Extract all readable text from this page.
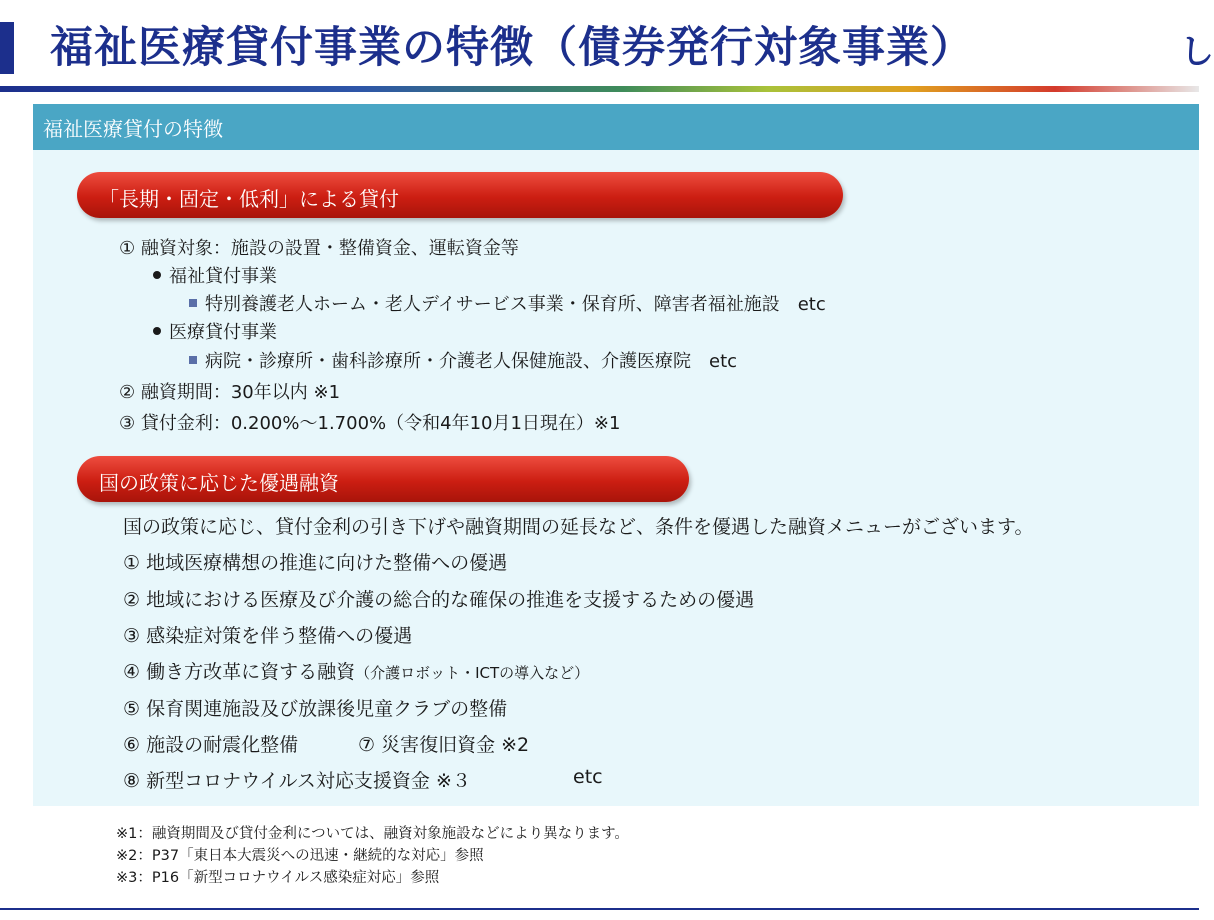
福祉医療貸付事業の特徴（債券発行対象事業）	し
福祉医療貸付の特徴
「長期・固定・低利」による貸付
① 融資対象：施設の設置・整備資金、運転資金等
福祉貸付事業
特別養護老人ホーム・老人デイサービス事業・保育所、障害者福祉施設　etc
医療貸付事業
病院・診療所・歯科診療所・介護老人保健施設、介護医療院　etc
② 融資期間：30年以内 ※1
③ 貸付金利：0.200%～1.700%（令和4年10月1日現在）※1
国の政策に応じた優遇融資
国の政策に応じ、貸付金利の引き下げや融資期間の延長など、条件を優遇した融資メニューがございます。
① 地域医療構想の推進に向けた整備への優遇
② 地域における医療及び介護の総合的な確保の推進を支援するための優遇
③ 感染症対策を伴う整備への優遇
④ 働き方改革に資する融資（介護ロボット・ICTの導入など）
⑤ 保育関連施設及び放課後児童クラブの整備
⑥ 施設の耐震化整備	⑦ 災害復旧資金 ※2
⑧ 新型コロナウイルス対応支援資金 ※３	etc
※1：融資期間及び貸付金利については、融資対象施設などにより異なります。
※2：P37「東日本大震災への迅速・継続的な対応」参照
※3：P16「新型コロナウイルス感染症対応」参照
